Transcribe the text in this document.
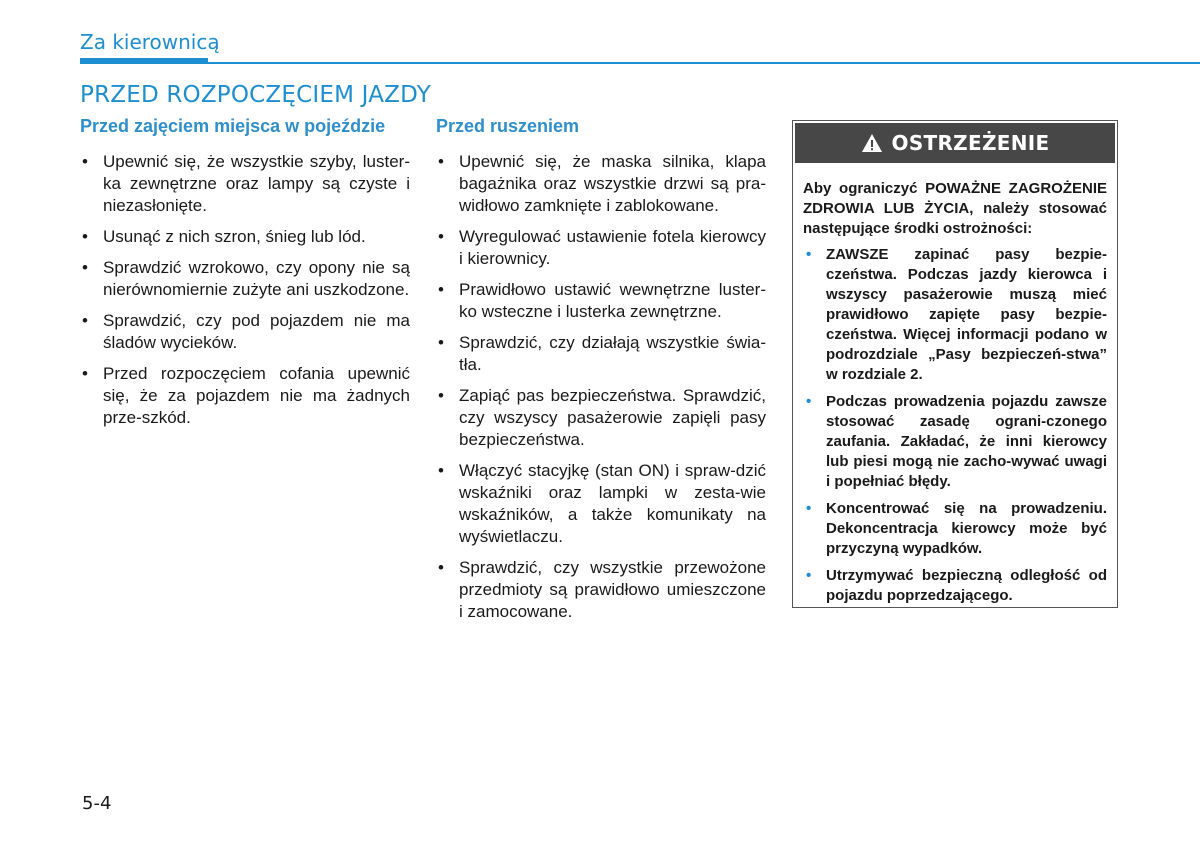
Za kierownicą
PRZED ROZPOCZĘCIEM JAZDY
Przed zajęciem miejsca w pojeździe
• Upewnić się, że wszystkie szyby, luster-ka zewnętrzne oraz lampy są czyste i niezasłonięte.
• Usunąć z nich szron, śnieg lub lód.
• Sprawdzić wzrokowo, czy opony nie są nierównomiernie zużyte ani uszkodzone.
• Sprawdzić, czy pod pojazdem nie ma śladów wycieków.
• Przed rozpoczęciem cofania upewnić się, że za pojazdem nie ma żadnych prze-szkód.
Przed ruszeniem
• Upewnić się, że maska silnika, klapa bagażnika oraz wszystkie drzwi są pra-widłowo zamknięte i zablokowane.
• Wyregulować ustawienie fotela kierowcy i kierownicy.
• Prawidłowo ustawić wewnętrzne luster-ko wsteczne i lusterka zewnętrzne.
• Sprawdzić, czy działają wszystkie świa-tła.
• Zapiąć pas bezpieczeństwa. Sprawdzić, czy wszyscy pasażerowie zapięli pasy bezpieczeństwa.
• Włączyć stacyjkę (stan ON) i spraw-dzić wskaźniki oraz lampki w zesta-wie wskaźników, a także komunikaty na wyświetlaczu.
• Sprawdzić, czy wszystkie przewożone przedmioty są prawidłowo umieszczone i zamocowane.
OSTRZEŻENIE

Aby ograniczyć POWAŻNE ZAGROŻENIE ZDROWIA LUB ŻYCIA, należy stosować następujące środki ostrożności:

• ZAWSZE zapinać pasy bezpie-czeństwa. Podczas jazdy kierowca i wszyscy pasażerowie muszą mieć prawidłowo zapięte pasy bezpie-czeństwa. Więcej informacji podano w podrozdziale „Pasy bezpieczeń-stwa” w rozdziale 2.
• Podczas prowadzenia pojazdu zawsze stosować zasadę ograni-czonego zaufania. Zakładać, że inni kierowcy lub piesi mogą nie zacho-wywać uwagi i popełniać błędy.
• Koncentrować się na prowadzeniu. Dekoncentracja kierowcy może być przyczyną wypadków.
• Utrzymywać bezpieczną odległość od pojazdu poprzedzającego.
5-4
